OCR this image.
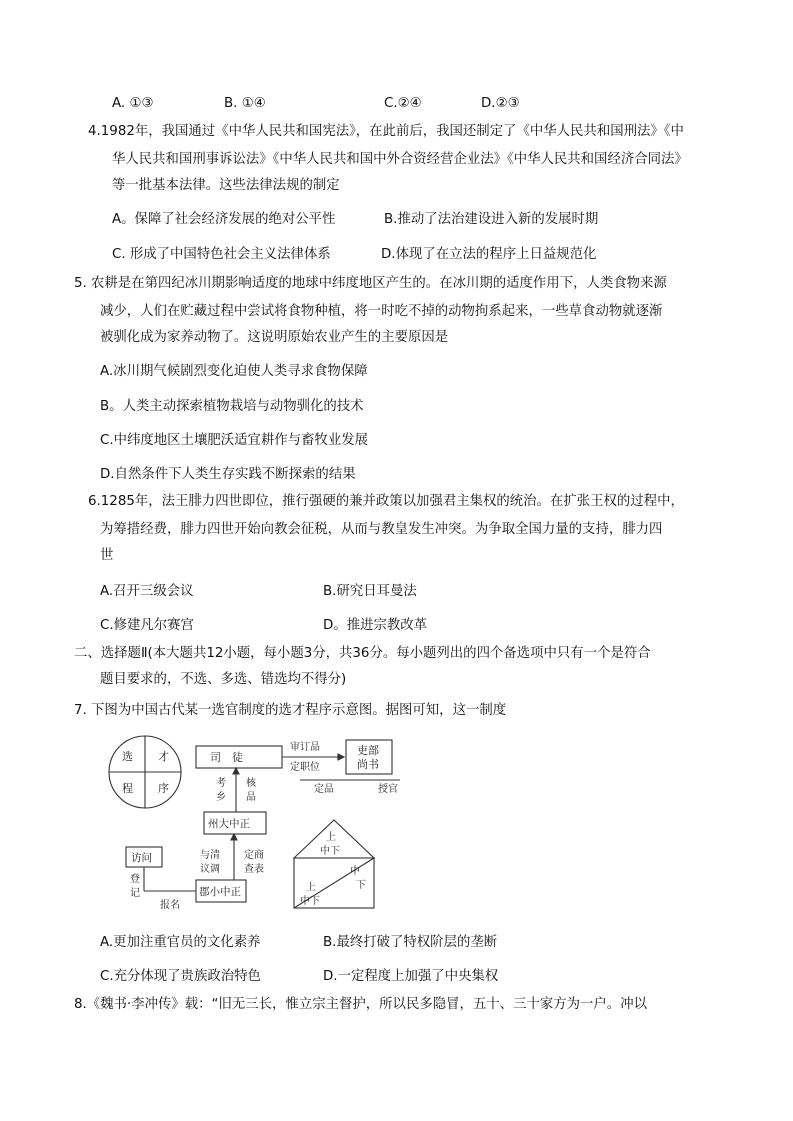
A. ①③	B. ①④	C.②④	D.②③
4.1982年，我国通过《中华人民共和国宪法》，在此前后，我国还制定了《中华人民共和国刑法》《中
华人民共和国刑事诉讼法》《中华人民共和国中外合资经营企业法》《中华人民共和国经济合同法》
等一批基本法律。这些法律法规的制定
A。保障了社会经济发展的绝对公平性	B.推动了法治建设进入新的发展时期
C. 形成了中国特色社会主义法律体系	D.体现了在立法的程序上日益规范化
5. 农耕是在第四纪冰川期影响适度的地球中纬度地区产生的。在冰川期的适度作用下，人类食物来源
减少，人们在贮藏过程中尝试将食物种植，将一时吃不掉的动物拘系起来，一些草食动物就逐渐
被驯化成为家养动物了。这说明原始农业产生的主要原因是
A.冰川期气候剧烈变化迫使人类寻求食物保障
B。人类主动探索植物栽培与动物驯化的技术
C.中纬度地区土壤肥沃适宜耕作与畜牧业发展
D.自然条件下人类生存实践不断探索的结果
6.1285年，法王腓力四世即位，推行强硬的兼并政策以加强君主集权的统治。在扩张王权的过程中，
为筹措经费，腓力四世开始向教会征税，从而与教皇发生冲突。为争取全国力量的支持，腓力四
世
A.召开三级会议	B.研究日耳曼法
C.修建凡尔赛宫	D。推进宗教改革
二、选择题Ⅱ(本大题共12小题，每小题3分，共36分。每小题列出的四个备选项中只有一个是符合
题目要求的，不选、多选、错选均不得分)
7. 下图为中国古代某一选官制度的选才程序示意图。据图可知，这一制度
选 才
程 序
司　徒
吏部
尚书
审订品
定职位
定品	授官
考
乡
核
品
州大中正
访问
登
记
报名
郡小中正
与清
议调
定商
查表
上
中下
上
中下
中
下
A.更加注重官员的文化素养	B.最终打破了特权阶层的垄断
C.充分体现了贵族政治特色	D.一定程度上加强了中央集权
8.《魏书·李冲传》载：“旧无三长，惟立宗主督护，所以民多隐冒，五十、三十家方为一户。冲以
